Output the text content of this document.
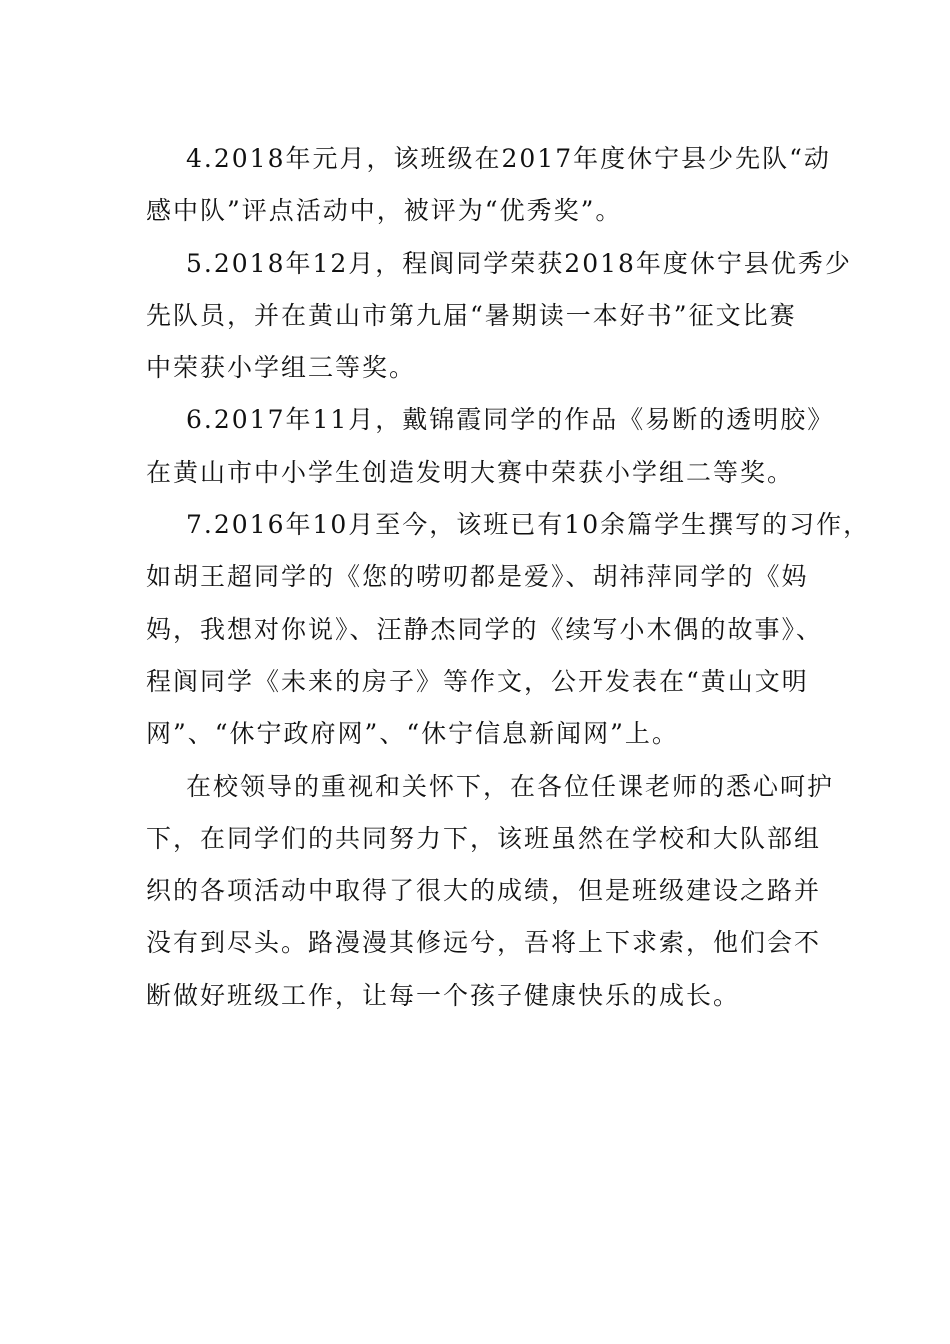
4.2018年元月，该班级在2017年度休宁县少先队“动
感中队”评点活动中，被评为“优秀奖”。
5.2018年12月，程阆同学荣获2018年度休宁县优秀少
先队员，并在黄山市第九届“暑期读一本好书”征文比赛
中荣获小学组三等奖。
6.2017年11月，戴锦霞同学的作品《易断的透明胶》
在黄山市中小学生创造发明大赛中荣获小学组二等奖。
7.2016年10月至今，该班已有10余篇学生撰写的习作，
如胡王超同学的《您的唠叨都是爱》、胡祎萍同学的《妈
妈，我想对你说》、汪静杰同学的《续写小木偶的故事》、
程阆同学《未来的房子》等作文，公开发表在“黄山文明
网”、“休宁政府网”、“休宁信息新闻网”上。
在校领导的重视和关怀下，在各位任课老师的悉心呵护
下，在同学们的共同努力下，该班虽然在学校和大队部组
织的各项活动中取得了很大的成绩，但是班级建设之路并
没有到尽头。路漫漫其修远兮，吾将上下求索，他们会不
断做好班级工作，让每一个孩子健康快乐的成长。
